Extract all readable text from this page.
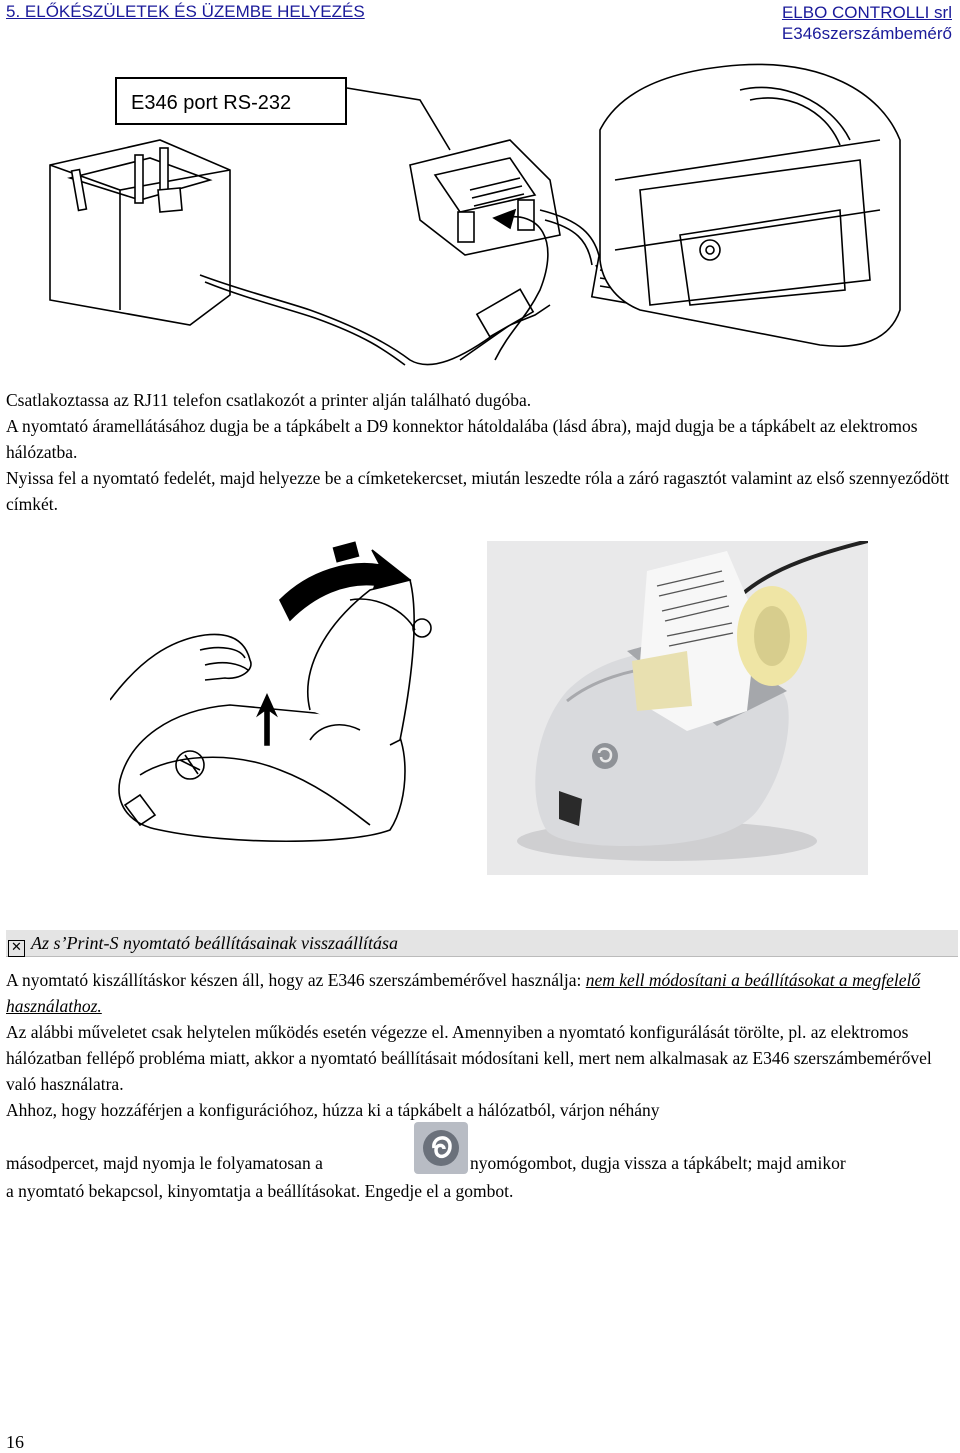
5. ELŐKÉSZÜLETEK ÉS ÜZEMBE HELYEZÉS	ELBO CONTROLLI srl
E346szerszámbemérő
E346 port RS-232

Csatlakoztassa az RJ11 telefon csatlakozót a printer alján található dugóba.

A nyomtató áramellátásához dugja be a tápkábelt a D9 konnektor hátoldalába (lásd ábra), majd dugja be a tápkábelt az elektromos hálózatba.

Nyissa fel a nyomtató fedelét, majd helyezze be a címketekercset, miután leszedte róla a záró ragasztót valamint az első szennyeződött címkét.

✕ Az s’Print-S nyomtató beállításainak visszaállítása

A nyomtató kiszállításkor készen áll, hogy az E346 szerszámbemérővel használja: nem kell módosítani a beállításokat a megfelelő használathoz.

Az alábbi műveletet csak helytelen működés esetén végezze el. Amennyiben a nyomtató konfigurálását törölte, pl. az elektromos hálózatban fellépő probléma miatt, akkor a nyomtató beállításait módosítani kell, mert nem alkalmasak az E346 szerszámbemérővel való használatra.

Ahhoz, hogy hozzáférjen a konfigurációhoz, húzza ki a tápkábelt a hálózatból, várjon néhány

másodpercet, majd nyomja le folyamatosan a	nyomógombot, dugja vissza a tápkábelt; majd amikor

a nyomtató bekapcsol, kinyomtatja a beállításokat. Engedje el a gombot.

16
